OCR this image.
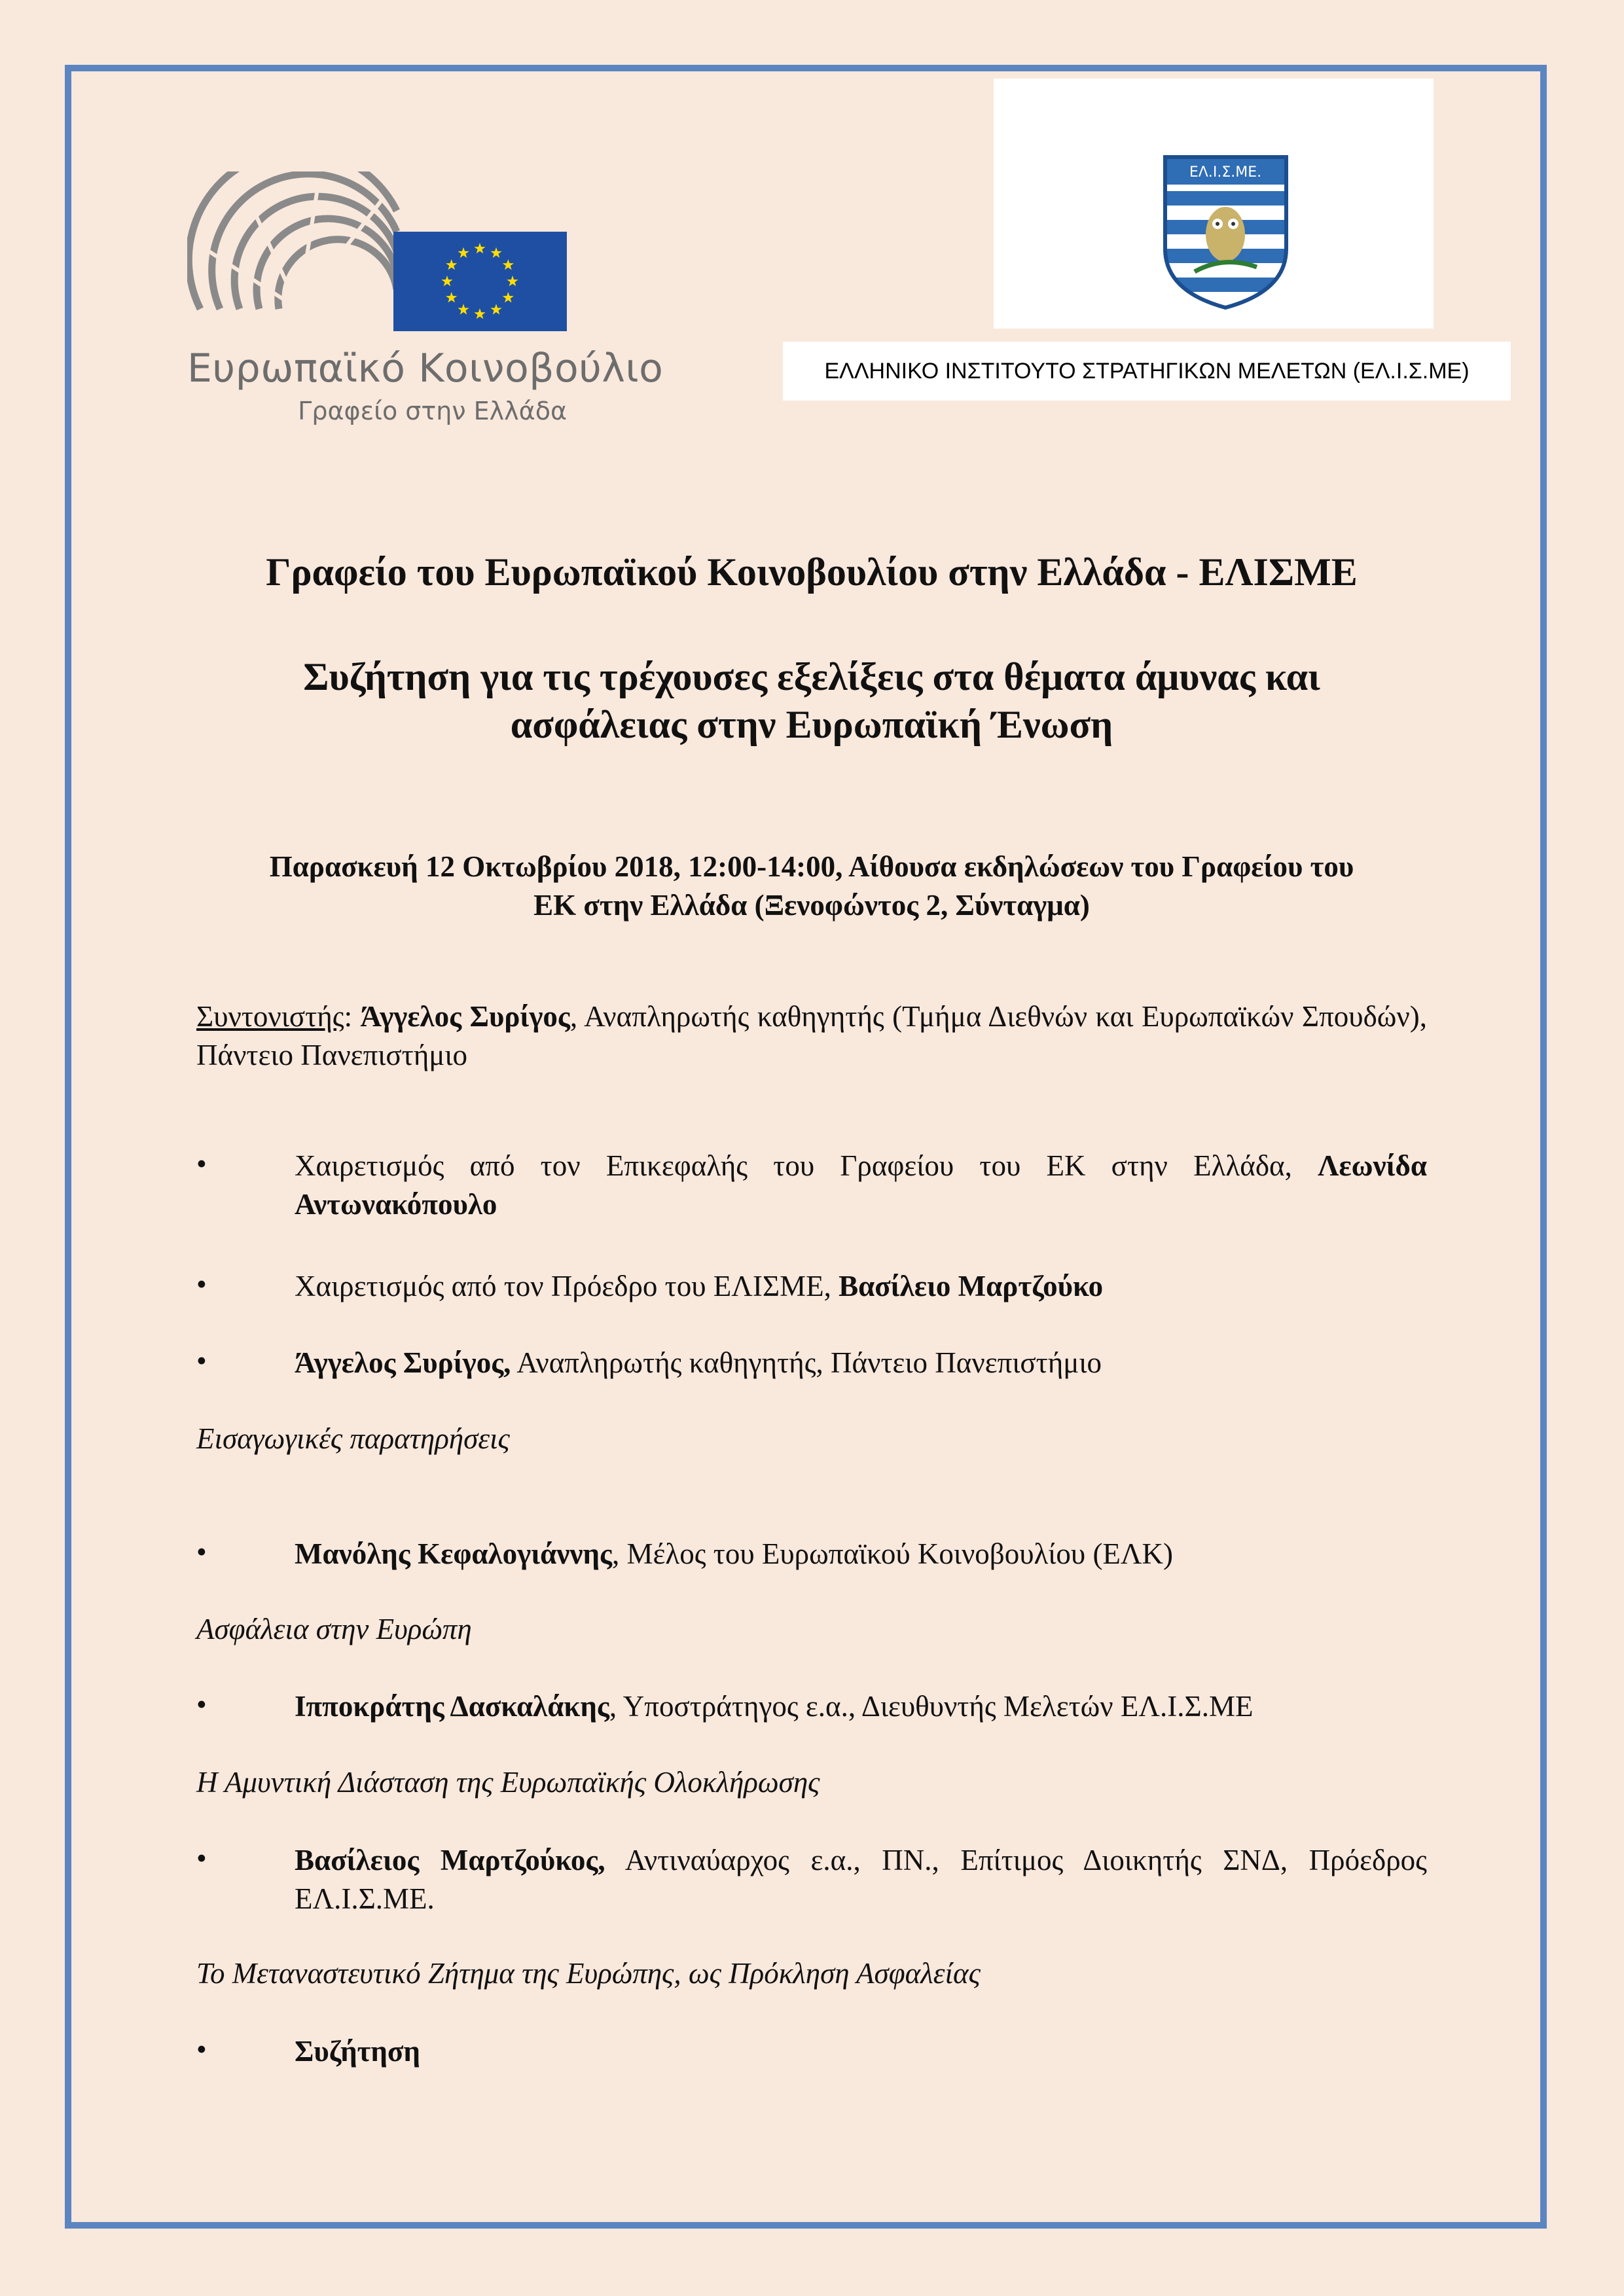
Ευρωπαϊκό Κοινοβούλιο
Γραφείο στην Ελλάδα
ΕΛ.Ι.Σ.ΜΕ.
ΕΛΛΗΝΙΚΟ ΙΝΣΤΙΤΟΥΤΟ ΣΤΡΑΤΗΓΙΚΩΝ ΜΕΛΕΤΩΝ (ΕΛ.Ι.Σ.ΜΕ)
Γραφείο του Ευρωπαϊκού Κοινοβουλίου στην Ελλάδα - ΕΛΙΣΜΕ
Συζήτηση για τις τρέχουσες εξελίξεις στα θέματα άμυνας και
ασφάλειας στην Ευρωπαϊκή Ένωση
Παρασκευή 12 Οκτωβρίου 2018, 12:00-14:00, Αίθουσα εκδηλώσεων του Γραφείου του
ΕΚ στην Ελλάδα (Ξενοφώντος 2, Σύνταγμα)
Συντονιστής: Άγγελος Συρίγος, Αναπληρωτής καθηγητής (Τμήμα Διεθνών και Ευρωπαϊκών Σπουδών), Πάντειο Πανεπιστήμιο
•	Χαιρετισμός από τον Επικεφαλής του Γραφείου του ΕΚ στην Ελλάδα, Λεωνίδα Αντωνακόπουλο
•	Χαιρετισμός από τον Πρόεδρο του ΕΛΙΣΜΕ, Βασίλειο Μαρτζούκο
•	Άγγελος Συρίγος, Αναπληρωτής καθηγητής, Πάντειο Πανεπιστήμιο
Εισαγωγικές παρατηρήσεις
•	Μανόλης Κεφαλογιάννης, Μέλος του Ευρωπαϊκού Κοινοβουλίου (ΕΛΚ)
Ασφάλεια στην Ευρώπη
•	Ιπποκράτης Δασκαλάκης, Υποστράτηγος ε.α., Διευθυντής Μελετών ΕΛ.Ι.Σ.ΜΕ
Η Αμυντική Διάσταση της Ευρωπαϊκής Ολοκλήρωσης
•	Βασίλειος Μαρτζούκος, Αντιναύαρχος ε.α., ΠΝ., Επίτιμος Διοικητής ΣΝΔ, Πρόεδρος ΕΛ.Ι.Σ.ΜΕ.
Το Μεταναστευτικό Ζήτημα της Ευρώπης, ως Πρόκληση Ασφαλείας
•	Συζήτηση
